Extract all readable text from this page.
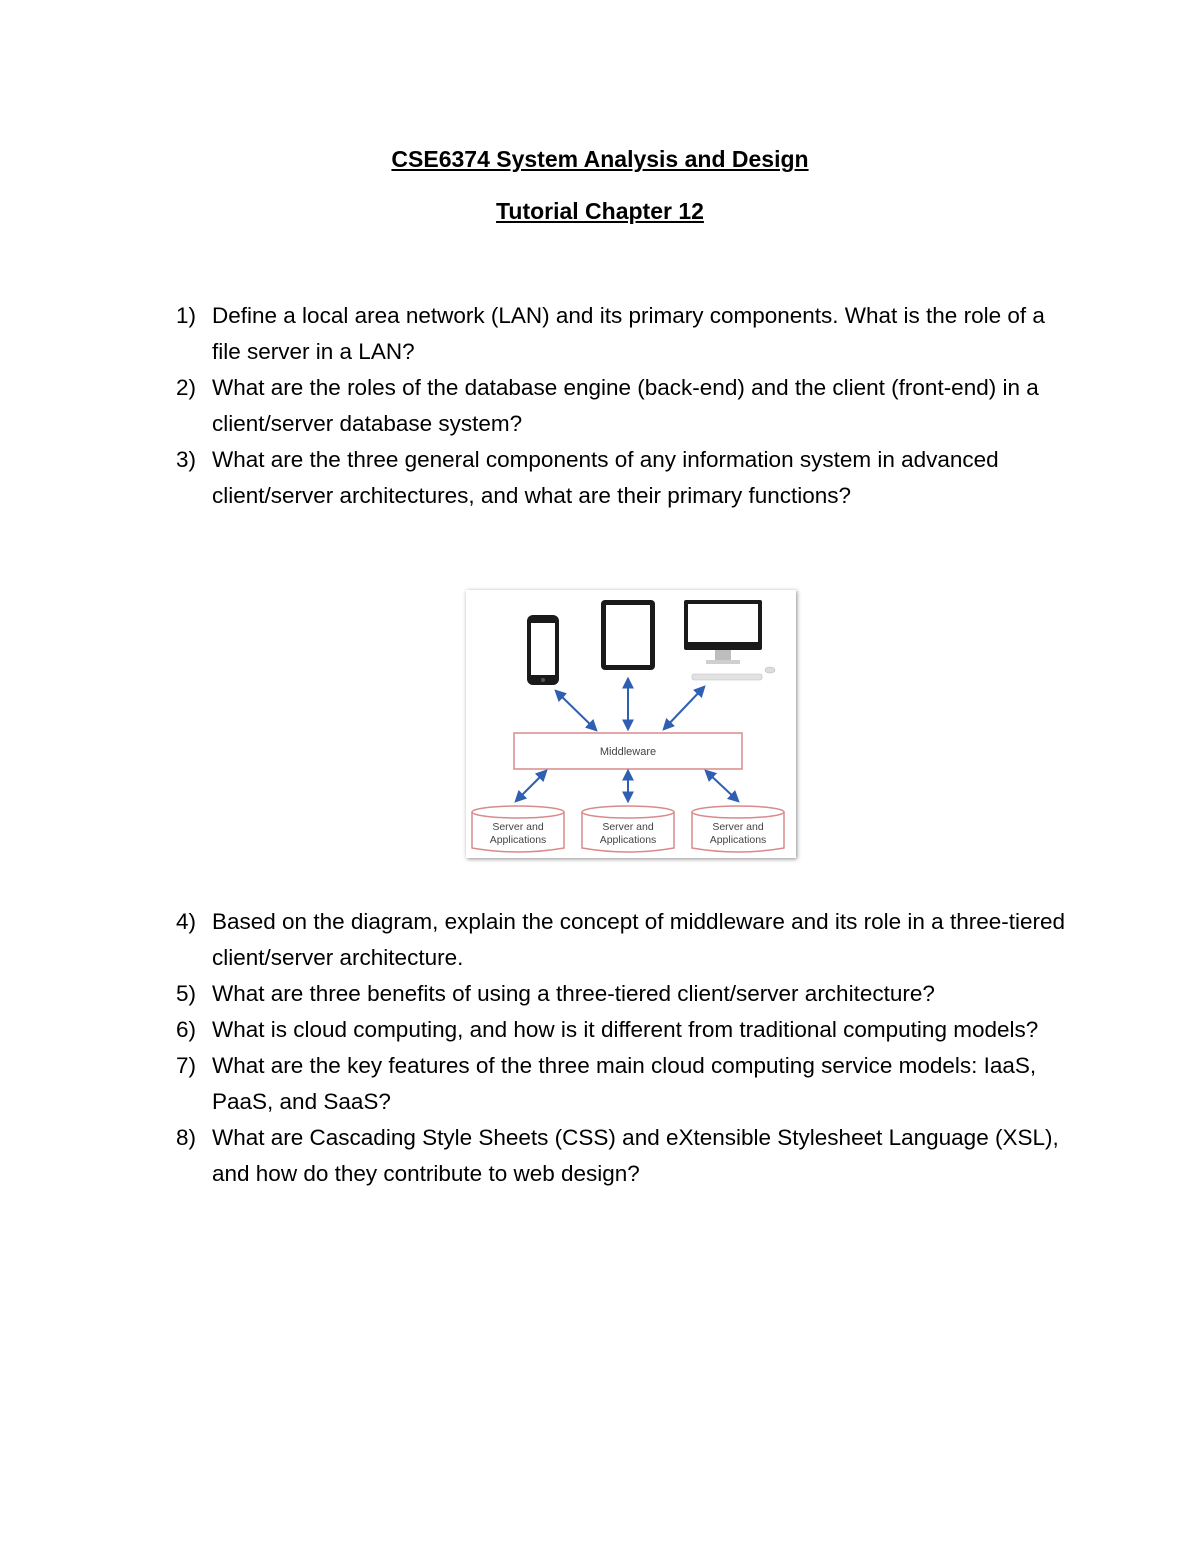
CSE6374 System Analysis and Design
Tutorial Chapter 12
1) Define a local area network (LAN) and its primary components. What is the role of a file server in a LAN?
2) What are the roles of the database engine (back-end) and the client (front-end) in a client/server database system?
3) What are the three general components of any information system in advanced client/server architectures, and what are their primary functions?
Middleware
Server and
Applications
Server and
Applications
Server and
Applications
4) Based on the diagram, explain the concept of middleware and its role in a three-tiered client/server architecture.
5) What are three benefits of using a three-tiered client/server architecture?
6) What is cloud computing, and how is it different from traditional computing models?
7) What are the key features of the three main cloud computing service models: IaaS, PaaS, and SaaS?
8) What are Cascading Style Sheets (CSS) and eXtensible Stylesheet Language (XSL), and how do they contribute to web design?
